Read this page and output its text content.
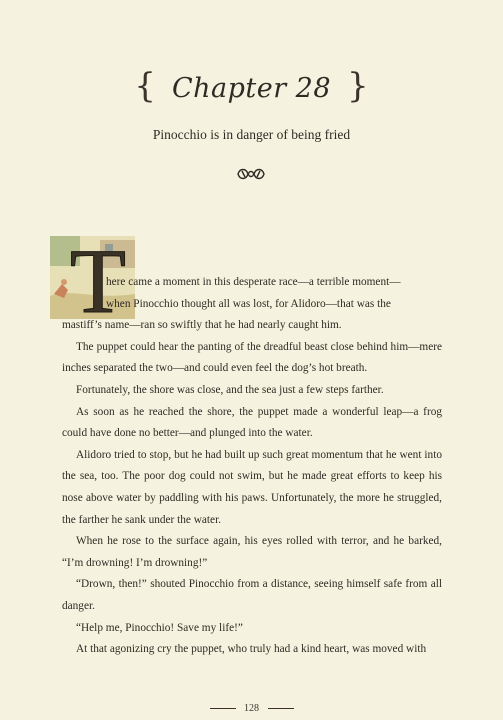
{ Chapter 28 }
Pinocchio is in danger of being fried
T

here came a moment in this desperate race—a terrible moment—

when Pinocchio thought all was lost, for Alidoro—that was the

mastiff’s name—ran so swiftly that he had nearly caught him.

The puppet could hear the panting of the dreadful beast close behind him—mere inches separated the two—and could even feel the dog’s hot breath.

Fortunately, the shore was close, and the sea just a few steps farther.

As soon as he reached the shore, the puppet made a wonderful leap—a frog could have done no better—and plunged into the water.

Alidoro tried to stop, but he had built up such great momentum that he went into the sea, too. The poor dog could not swim, but he made great efforts to keep his nose above water by paddling with his paws. Unfortunately, the more he struggled, the farther he sank under the water.

When he rose to the surface again, his eyes rolled with terror, and he barked, “I’m drowning! I’m drowning!”

“Drown, then!” shouted Pinocchio from a distance, seeing himself safe from all danger.

“Help me, Pinocchio! Save my life!”

At that agonizing cry the puppet, who truly had a kind heart, was moved with

128
